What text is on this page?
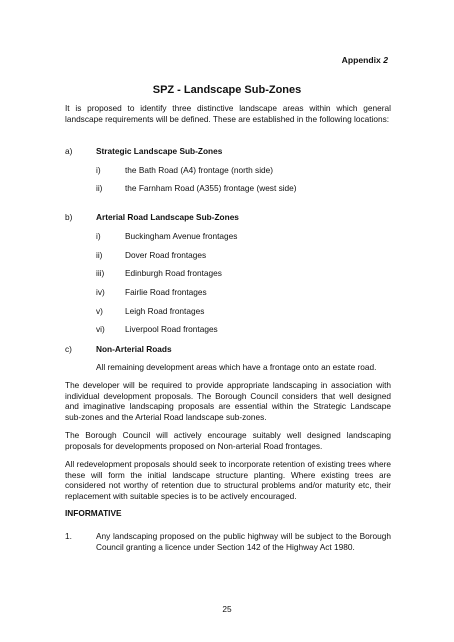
Appendix 2
SPZ - Landscape Sub-Zones

It is proposed to identify three distinctive landscape areas within which general landscape requirements will be defined. These are established in the following locations:

a)	Strategic Landscape Sub-Zones
i)	the Bath Road (A4) frontage (north side)
ii)	the Farnham Road (A355) frontage (west side)
b)	Arterial Road Landscape Sub-Zones
i)	Buckingham Avenue frontages
ii)	Dover Road frontages
iii) Edinburgh Road frontages
iv) Fairlie Road frontages
v)	Leigh Road frontages
vi) Liverpool Road frontages
c)	Non-Arterial Roads
All remaining development areas which have a frontage onto an estate road.

The developer will be required to provide appropriate landscaping in association with individual development proposals. The Borough Council considers that well designed and imaginative landscaping proposals are essential within the Strategic Landscape sub-zones and the Arterial Road landscape sub-zones.

The Borough Council will actively encourage suitably well designed landscaping proposals for developments proposed on Non-arterial Road frontages.

All redevelopment proposals should seek to incorporate retention of existing trees where these will form the initial landscape structure planting. Where existing trees are considered not worthy of retention due to structural problems and/or maturity etc, their replacement with suitable species is to be actively encouraged.

INFORMATIVE
1.	Any landscaping proposed on the public highway will be subject to the Borough Council granting a licence under Section 142 of the Highway Act 1980.
25
